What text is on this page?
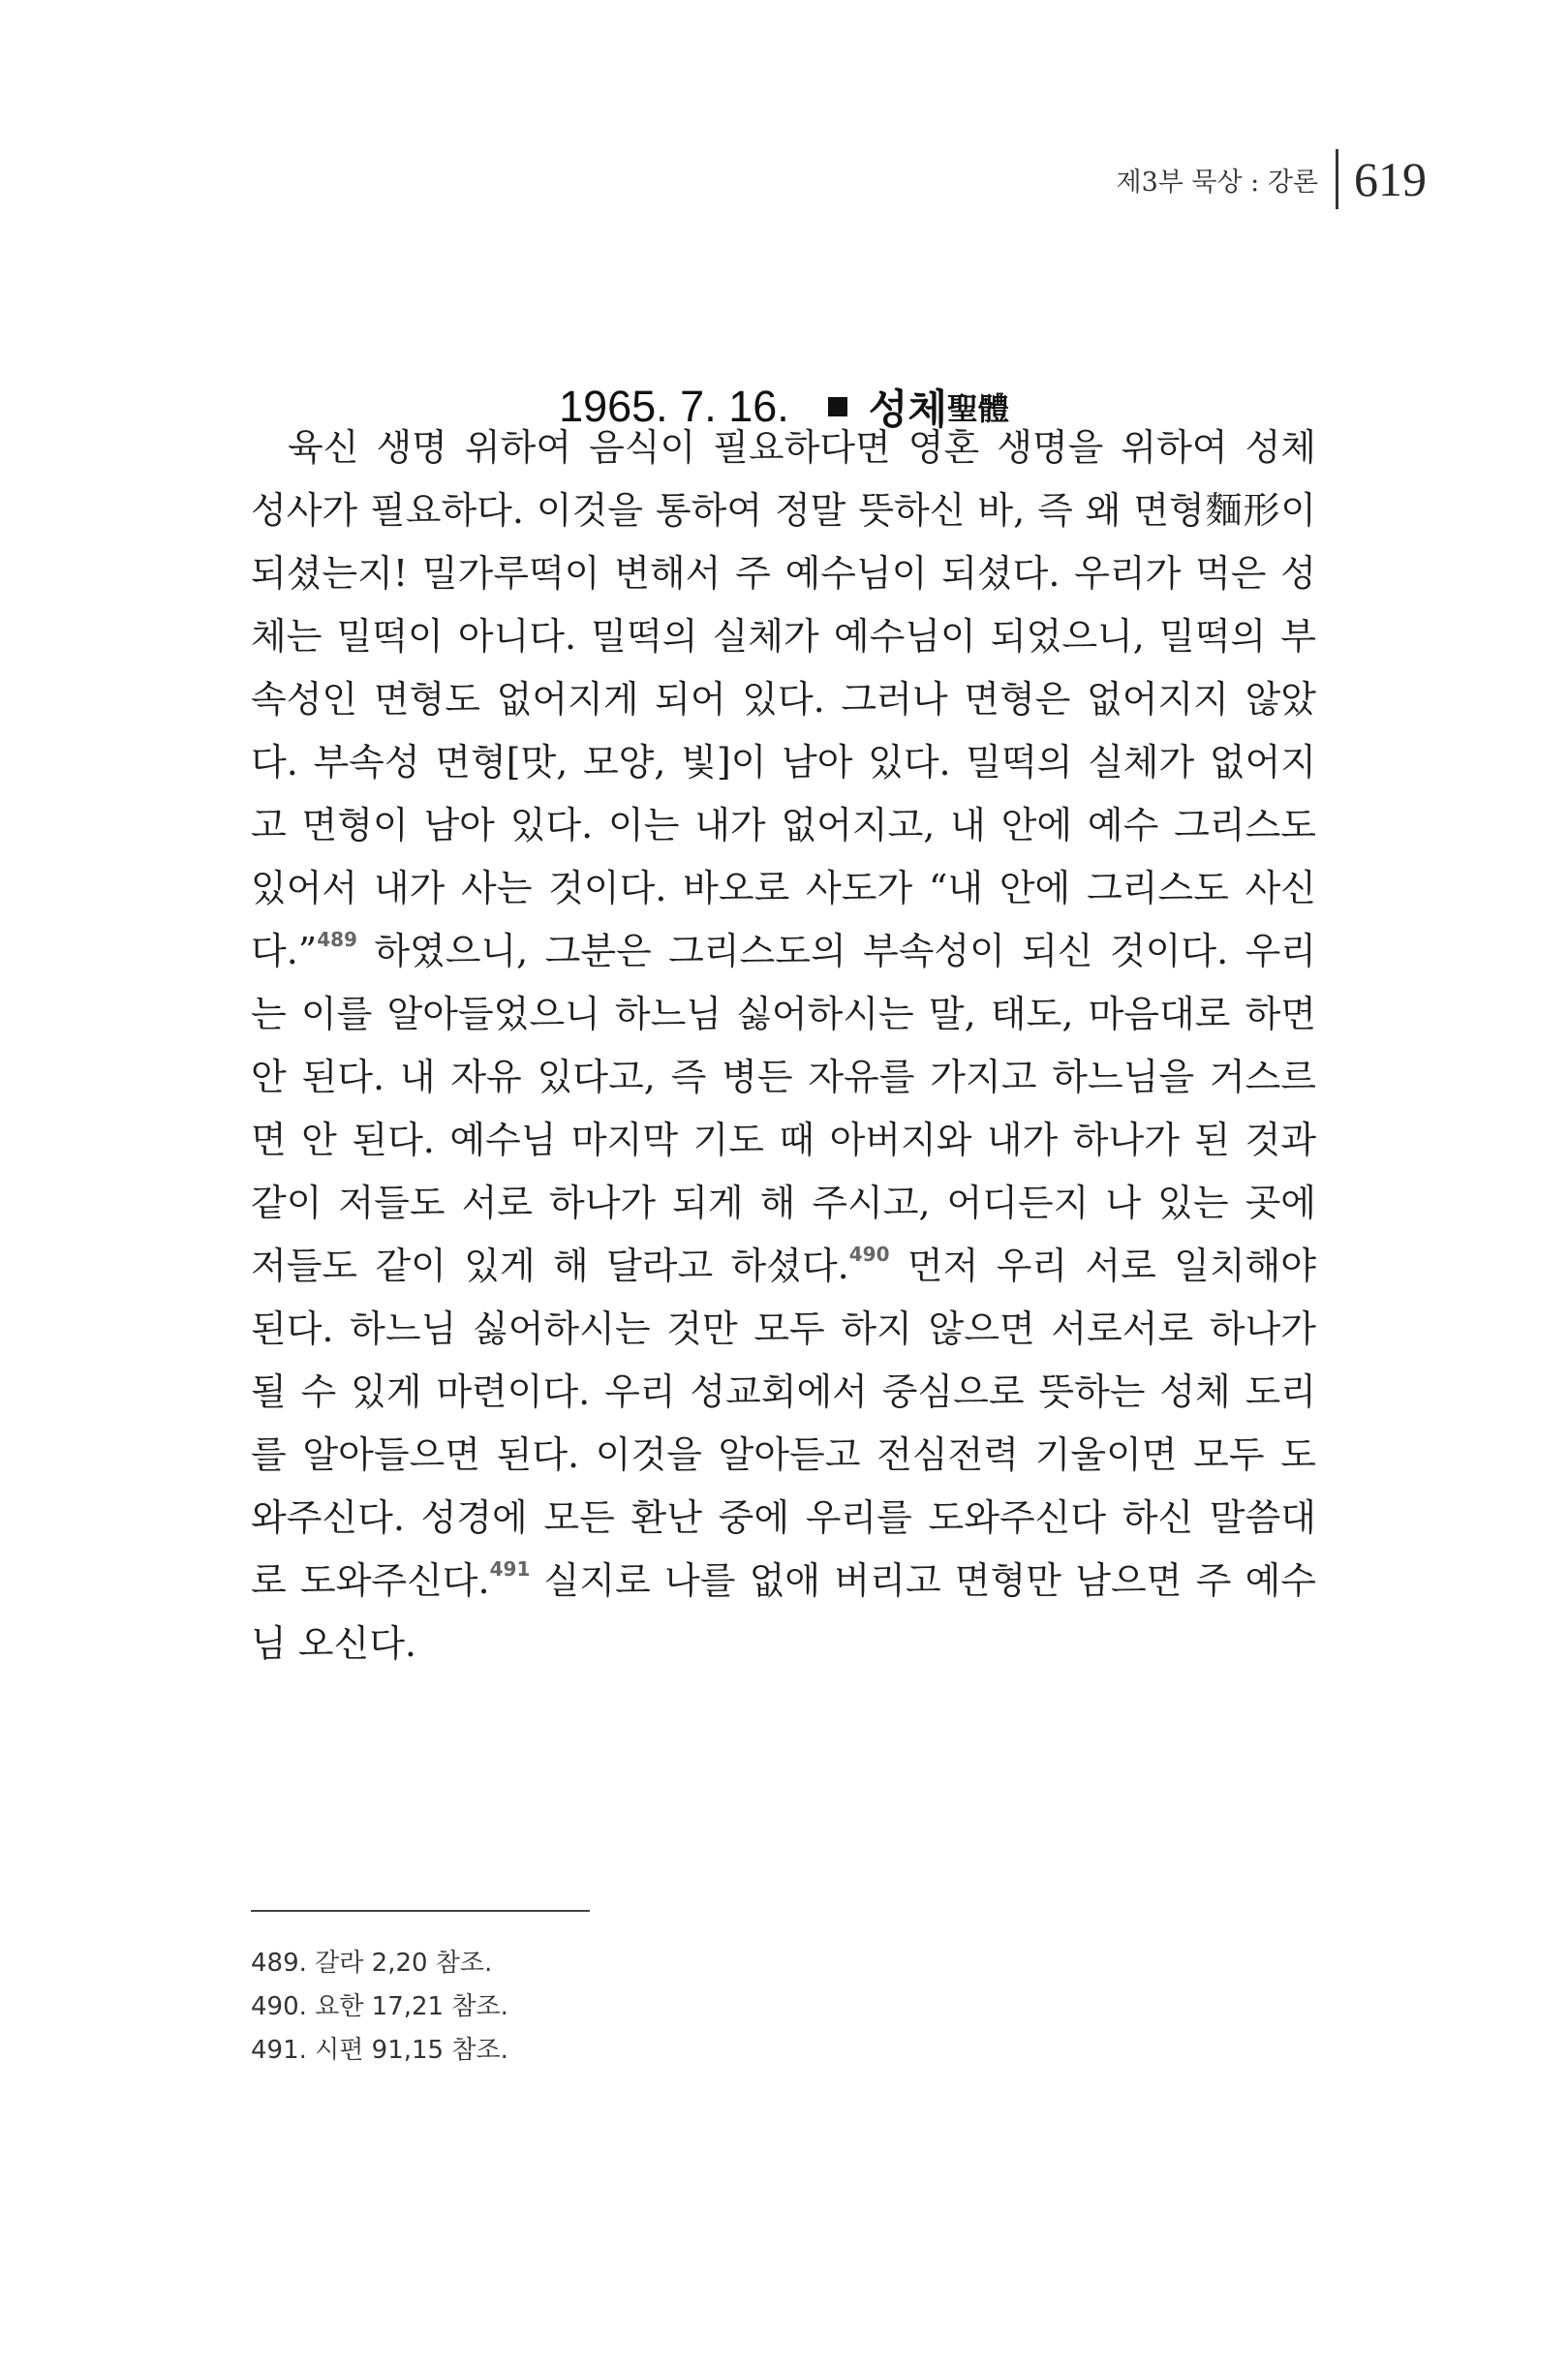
제3부 묵상 : 강론 619
1965. 7. 16. 성체 聖體
육신 생명 위하여 음식이 필요하다면 영혼 생명을 위하여 성체
성사가 필요하다. 이것을 통하여 정말 뜻하신 바, 즉 왜 면형麵形이
되셨는지! 밀가루떡이 변해서 주 예수님이 되셨다. 우리가 먹은 성
체는 밀떡이 아니다. 밀떡의 실체가 예수님이 되었으니, 밀떡의 부
속성인 면형도 없어지게 되어 있다. 그러나 면형은 없어지지 않았
다. 부속성 면형[맛, 모양, 빛]이 남아 있다. 밀떡의 실체가 없어지
고 면형이 남아 있다. 이는 내가 없어지고, 내 안에 예수 그리스도
있어서 내가 사는 것이다. 바오로 사도가 “내 안에 그리스도 사신
다.”$^{489}$ 하였으니, 그분은 그리스도의 부속성이 되신 것이다. 우리
는 이를 알아들었으니 하느님 싫어하시는 말, 태도, 마음대로 하면
안 된다. 내 자유 있다고, 즉 병든 자유를 가지고 하느님을 거스르
면 안 된다. 예수님 마지막 기도 때 아버지와 내가 하나가 된 것과
같이 저들도 서로 하나가 되게 해 주시고, 어디든지 나 있는 곳에
저들도 같이 있게 해 달라고 하셨다.$^{490}$ 먼저 우리 서로 일치해야
된다. 하느님 싫어하시는 것만 모두 하지 않으면 서로서로 하나가
될 수 있게 마련이다. 우리 성교회에서 중심으로 뜻하는 성체 도리
를 알아들으면 된다. 이것을 알아듣고 전심전력 기울이면 모두 도
와주신다. 성경에 모든 환난 중에 우리를 도와주신다 하신 말씀대
로 도와주신다.$^{491}$ 실지로 나를 없애 버리고 면형만 남으면 주 예수
님 오신다.
489. 갈라 2,20 참조.
490. 요한 17,21 참조.
491. 시편 91,15 참조.
